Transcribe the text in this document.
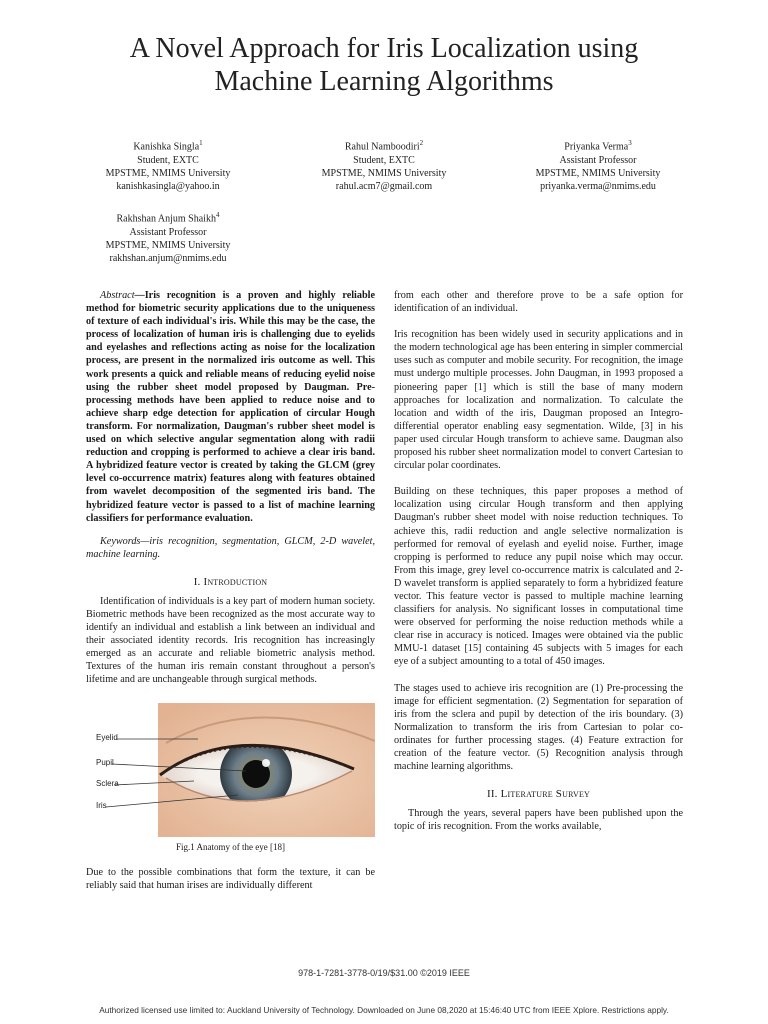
A Novel Approach for Iris Localization using
Machine Learning Algorithms
Kanishka Singla$^1$
Student, EXTC
MPSTME, NMIMS University
kanishkasingla@yahoo.in
Rahul Namboodiri$^2$
Student, EXTC
MPSTME, NMIMS University
rahul.acm7@gmail.com
Priyanka Verma$^3$
Assistant Professor
MPSTME, NMIMS University
priyanka.verma@nmims.edu
Rakhshan Anjum Shaikh$^4$
Assistant Professor
MPSTME, NMIMS University
rakhshan.anjum@nmims.edu

Abstract—Iris recognition is a proven and highly reliable method for biometric security applications due to the uniqueness of texture of each individual's iris. While this may be the case, the process of localization of human iris is challenging due to eyelids and eyelashes and reflections acting as noise for the localization process, are present in the normalized iris outcome as well. This work presents a quick and reliable means of reducing eyelid noise using the rubber sheet model proposed by Daugman. Pre-processing methods have been applied to reduce noise and to achieve sharp edge detection for application of circular Hough transform. For normalization, Daugman's rubber sheet model is used on which selective angular segmentation along with radii reduction and cropping is performed to achieve a clear iris band. A hybridized feature vector is created by taking the GLCM (grey level co-occurrence matrix) features along with features obtained from wavelet decomposition of the segmented iris band. The hybridized feature vector is passed to a list of machine learning classifiers for performance evaluation.

Keywords—iris recognition, segmentation, GLCM, 2-D wavelet, machine learning.

I. Introduction

Identification of individuals is a key part of modern human society. Biometric methods have been recognized as the most accurate way to identify an individual and establish a link between an individual and their associated identity records. Iris recognition has increasingly emerged as an accurate and reliable biometric analysis method. Textures of the human iris remain constant throughout a person's lifetime and are unchangeable through surgical methods.

Eyelid
Pupil
Sclera
Iris
Fig.1 Anatomy of the eye [18]

Due to the possible combinations that form the texture, it can be reliably said that human irises are individually different

from each other and therefore prove to be a safe option for identification of an individual.

Iris recognition has been widely used in security applications and in the modern technological age has been entering in simpler commercial uses such as computer and mobile security. For recognition, the image must undergo multiple processes. John Daugman, in 1993 proposed a pioneering paper [1] which is still the base of many modern approaches for localization and normalization. To calculate the location and width of the iris, Daugman proposed an Integro-differential operator enabling easy segmentation. Wilde, [3] in his paper used circular Hough transform to achieve same. Daugman also proposed his rubber sheet normalization model to convert Cartesian to circular polar coordinates.

Building on these techniques, this paper proposes a method of localization using circular Hough transform and then applying Daugman's rubber sheet model with noise reduction techniques. To achieve this, radii reduction and angle selective normalization is performed for removal of eyelash and eyelid noise. Further, image cropping is performed to reduce any pupil noise which may occur. From this image, grey level co-occurrence matrix is calculated and 2-D wavelet transform is applied separately to form a hybridized feature vector. This feature vector is passed to multiple machine learning classifiers for analysis. No significant losses in computational time were observed for performing the noise reduction methods while a clear rise in accuracy is noticed. Images were obtained via the public MMU-1 dataset [15] containing 45 subjects with 5 images for each eye of a subject amounting to a total of 450 images.

The stages used to achieve iris recognition are (1) Pre-processing the image for efficient segmentation. (2) Segmentation for separation of iris from the sclera and pupil by detection of the iris boundary. (3) Normalization to transform the iris from Cartesian to polar co-ordinates for further processing stages. (4) Feature extraction for creation of the feature vector. (5) Recognition analysis through machine learning algorithms.

II. Literature Survey

Through the years, several papers have been published upon the topic of iris recognition. From the works available,

978-1-7281-3778-0/19/$31.00 ©2019 IEEE
Authorized licensed use limited to: Auckland University of Technology. Downloaded on June 08,2020 at 15:46:40 UTC from IEEE Xplore. Restrictions apply.
